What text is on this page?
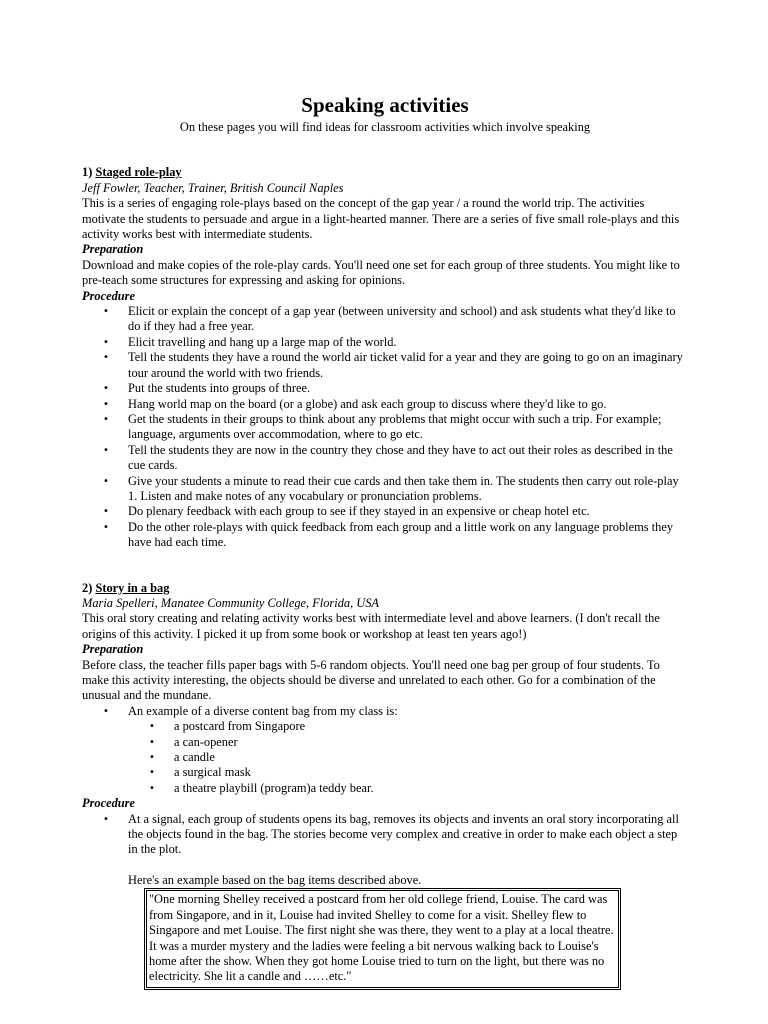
Speaking activities
On these pages you will find ideas for classroom activities which involve speaking
1) Staged role-play
Jeff Fowler, Teacher, Trainer, British Council Naples
This is a series of engaging role-plays based on the concept of the gap year / a round the world trip. The activities motivate the students to persuade and argue in a light-hearted manner. There are a series of five small role-plays and this activity works best with intermediate students.
Preparation
Download and make copies of the role-play cards. You'll need one set for each group of three students. You might like to pre-teach some structures for expressing and asking for opinions.
Procedure
• Elicit or explain the concept of a gap year (between university and school) and ask students what they'd like to do if they had a free year.
• Elicit travelling and hang up a large map of the world.
• Tell the students they have a round the world air ticket valid for a year and they are going to go on an imaginary tour around the world with two friends.
• Put the students into groups of three.
• Hang world map on the board (or a globe) and ask each group to discuss where they'd like to go.
• Get the students in their groups to think about any problems that might occur with such a trip. For example; language, arguments over accommodation, where to go etc.
• Tell the students they are now in the country they chose and they have to act out their roles as described in the cue cards.
• Give your students a minute to read their cue cards and then take them in. The students then carry out role-play 1. Listen and make notes of any vocabulary or pronunciation problems.
• Do plenary feedback with each group to see if they stayed in an expensive or cheap hotel etc.
• Do the other role-plays with quick feedback from each group and a little work on any language problems they have had each time.
2) Story in a bag
Maria Spelleri, Manatee Community College, Florida, USA
This oral story creating and relating activity works best with intermediate level and above learners. (I don't recall the origins of this activity. I picked it up from some book or workshop at least ten years ago!)
Preparation
Before class, the teacher fills paper bags with 5-6 random objects. You'll need one bag per group of four students. To make this activity interesting, the objects should be diverse and unrelated to each other. Go for a combination of the unusual and the mundane.
• An example of a diverse content bag from my class is:
• a postcard from Singapore
• a can-opener
• a candle
• a surgical mask
• a theatre playbill (program)a teddy bear.
Procedure
• At a signal, each group of students opens its bag, removes its objects and invents an oral story incorporating all the objects found in the bag. The stories become very complex and creative in order to make each object a step in the plot.
Here's an example based on the bag items described above.
"One morning Shelley received a postcard from her old college friend, Louise. The card was from Singapore, and in it, Louise had invited Shelley to come for a visit. Shelley flew to Singapore and met Louise. The first night she was there, they went to a play at a local theatre. It was a murder mystery and the ladies were feeling a bit nervous walking back to Louise's home after the show. When they got home Louise tried to turn on the light, but there was no electricity. She lit a candle and ……etc."
